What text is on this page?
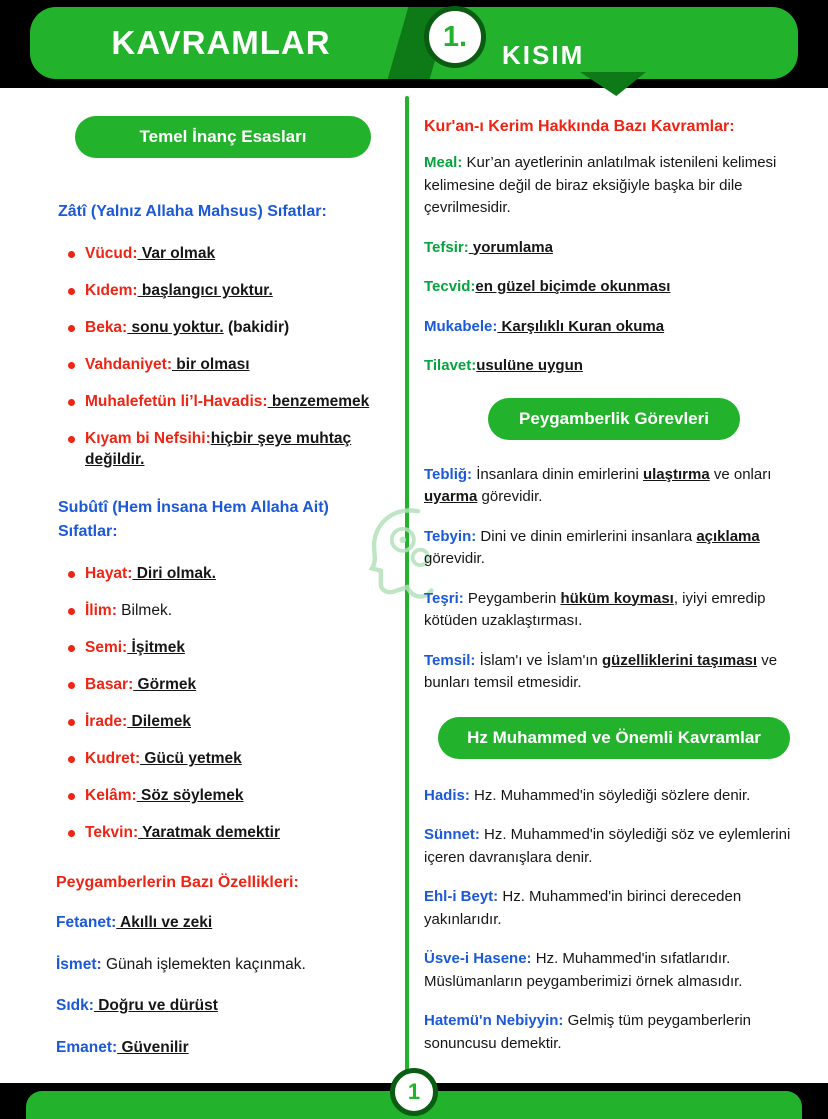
KAVRAMLAR	1.
KISIM
Temel İnanç Esasları
Zâtî (Yalnız Allaha Mahsus) Sıfatlar:
Vücud: Var olmak
Kıdem: başlangıcı yoktur.
Beka: sonu yoktur. (bakidir)
Vahdaniyet: bir olması
Muhalefetün li’l-Havadis: benzememek
Kıyam bi Nefsihi:hiçbir şeye muhtaç değildir.
Subûtî (Hem İnsana Hem Allaha Ait) Sıfatlar:
Hayat: Diri olmak.
İlim: Bilmek.
Semi: İşitmek
Basar: Görmek
İrade: Dilemek
Kudret: Gücü yetmek
Kelâm: Söz söylemek
Tekvin: Yaratmak demektir
Peygamberlerin Bazı Özellikleri:
Fetanet: Akıllı ve zeki
İsmet: Günah işlemekten kaçınmak.
Sıdk: Doğru ve dürüst
Emanet: Güvenilir
Kur'an-ı Kerim Hakkında Bazı Kavramlar:

Meal: Kur’an ayetlerinin anlatılmak istenileni kelimesi kelimesine değil de biraz eksiğiyle başka bir dile çevrilmesidir.

Tefsir: yorumlama

Tecvid:en güzel biçimde okunması

Mukabele: Karşılıklı Kuran okuma

Tilavet:usulüne uygun

Peygamberlik Görevleri

Tebliğ: İnsanlara dinin emirlerini ulaştırma ve onları uyarma görevidir.

Tebyin: Dini ve dinin emirlerini insanlara açıklama görevidir.

Teşri: Peygamberin hüküm koyması, iyiyi emredip kötüden uzaklaştırması.

Temsil: İslam'ı ve İslam'ın güzelliklerini taşıması ve bunları temsil etmesidir.

Hz Muhammed ve Önemli Kavramlar

Hadis: Hz. Muhammed'in söylediği sözlere denir.

Sünnet: Hz. Muhammed'in söylediği söz ve eylemlerini içeren davranışlara denir.

Ehl-i Beyt: Hz. Muhammed'in birinci dereceden yakınlarıdır.

Üsve-i Hasene: Hz. Muhammed'in sıfatlarıdır. Müslümanların peygamberimizi örnek almasıdır.

Hatemü'n Nebiyyin: Gelmiş tüm peygamberlerin sonuncusu demektir.

1
